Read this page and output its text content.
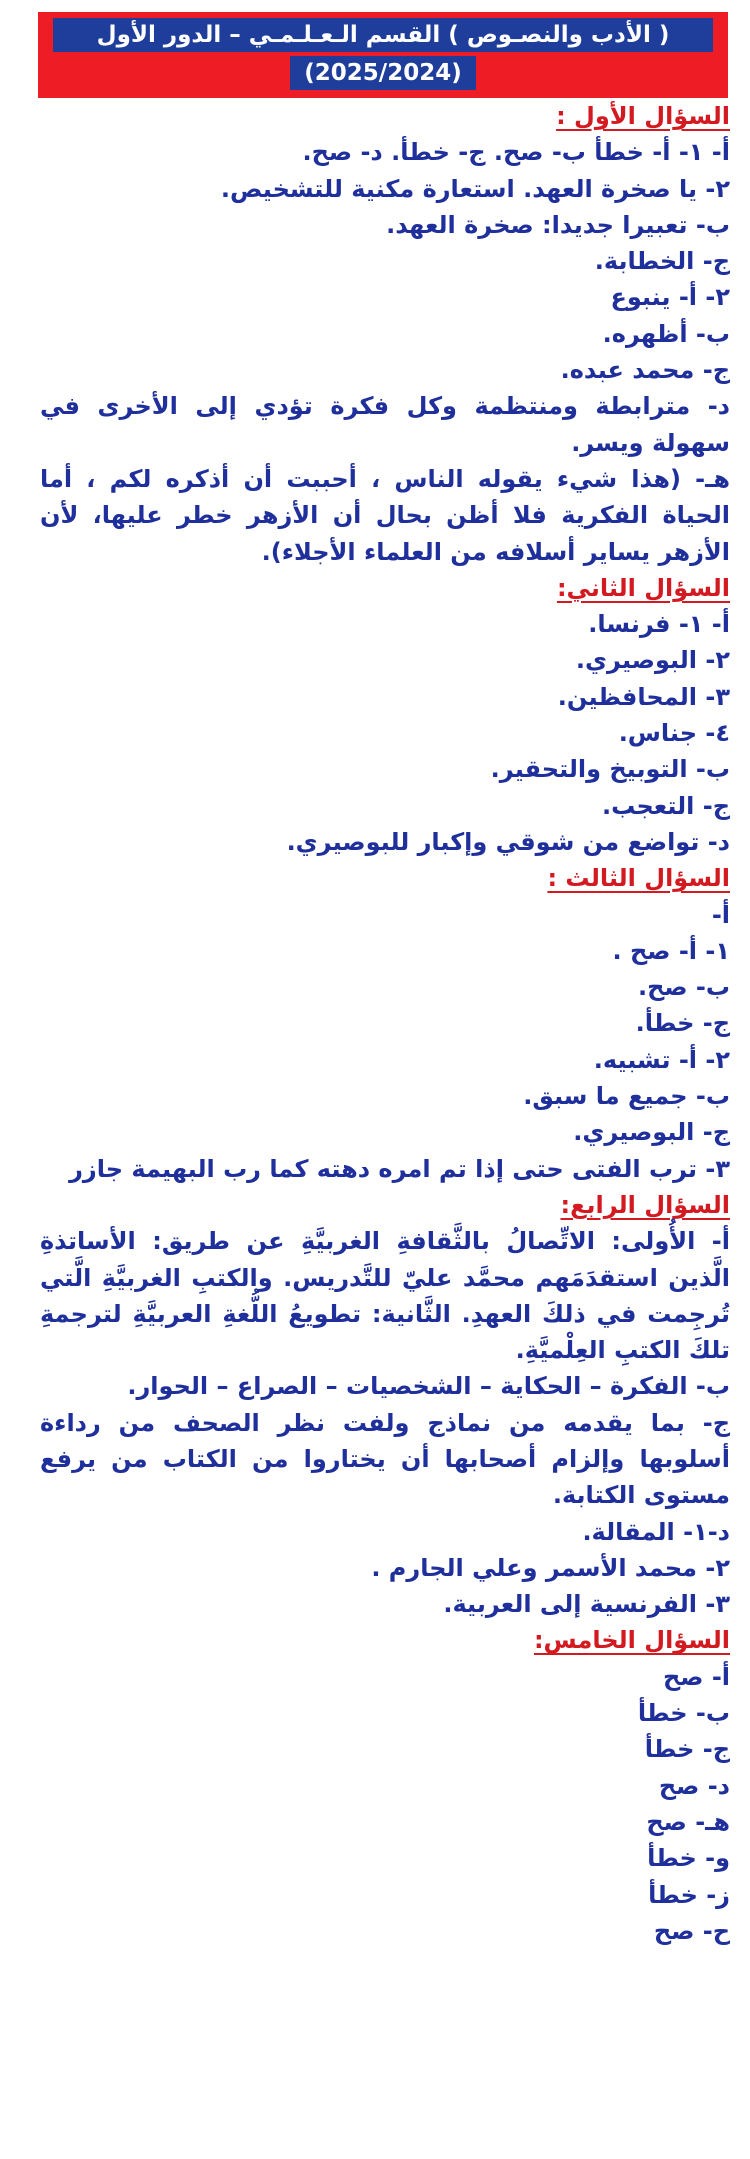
( الأدب والنصـوص ) القسم الـعـلـمـي – الدور الأول
(2025/2024)
السؤال الأول :
أ- ١- أ- خطأ ب- صح. ج- خطأ. د- صح.
٢- يا صخرة العهد. استعارة مكنية للتشخيص.
ب- تعبيرا جديدا: صخرة العهد.
ج- الخطابة.
٢- أ- ينبوع
ب- أظهره.
ج- محمد عبده.
د- مترابطة ومنتظمة وكل فكرة تؤدي إلى الأخرى في سهولة ويسر.
هـ- (هذا شيء يقوله الناس ، أحببت أن أذكره لكم ، أما الحياة الفكرية فلا أظن بحال أن الأزهر خطر عليها، لأن الأزهر يساير أسلافه من العلماء الأجلاء).
السؤال الثاني:
أ- ١- فرنسا.
٢- البوصيري.
٣- المحافظين.
٤- جناس.
ب- التوبيخ والتحقير.
ج- التعجب.
د- تواضع من شوقي وإكبار للبوصيري.
السؤال الثالث :
أ-
١- أ- صح .
ب- صح.
ج- خطأ.
٢- أ- تشبيه.
ب- جميع ما سبق.
ج- البوصيري.
٣- ترب الفتى حتى إذا تم امره دهته كما رب البهيمة جازر
السؤال الرابع:
أ- الأُولى: الاتِّصالُ بالثَّقافةِ الغربيَّةِ عن طريق: الأساتذةِ الَّذين استقدَمَهم محمَّد عليّ للتَّدريس. والكتبِ الغربيَّةِ الَّتي تُرجِمت في ذلكَ العهدِ. الثَّانية: تطويعُ اللُّغةِ العربيَّةِ لترجمةِ تلكَ الكتبِ العِلْميَّةِ.
ب- الفكرة – الحكاية – الشخصيات – الصراع – الحوار.
ج- بما يقدمه من نماذج ولفت نظر الصحف من رداءة أسلوبها وإلزام أصحابها أن يختاروا من الكتاب من يرفع مستوى الكتابة.
د-١- المقالة.
٢- محمد الأسمر وعلي الجارم .
٣- الفرنسية إلى العربية.
السؤال الخامس:
أ- صح
ب- خطأ
ج- خطأ
د- صح
هـ- صح
و- خطأ
ز- خطأ
ح- صح
